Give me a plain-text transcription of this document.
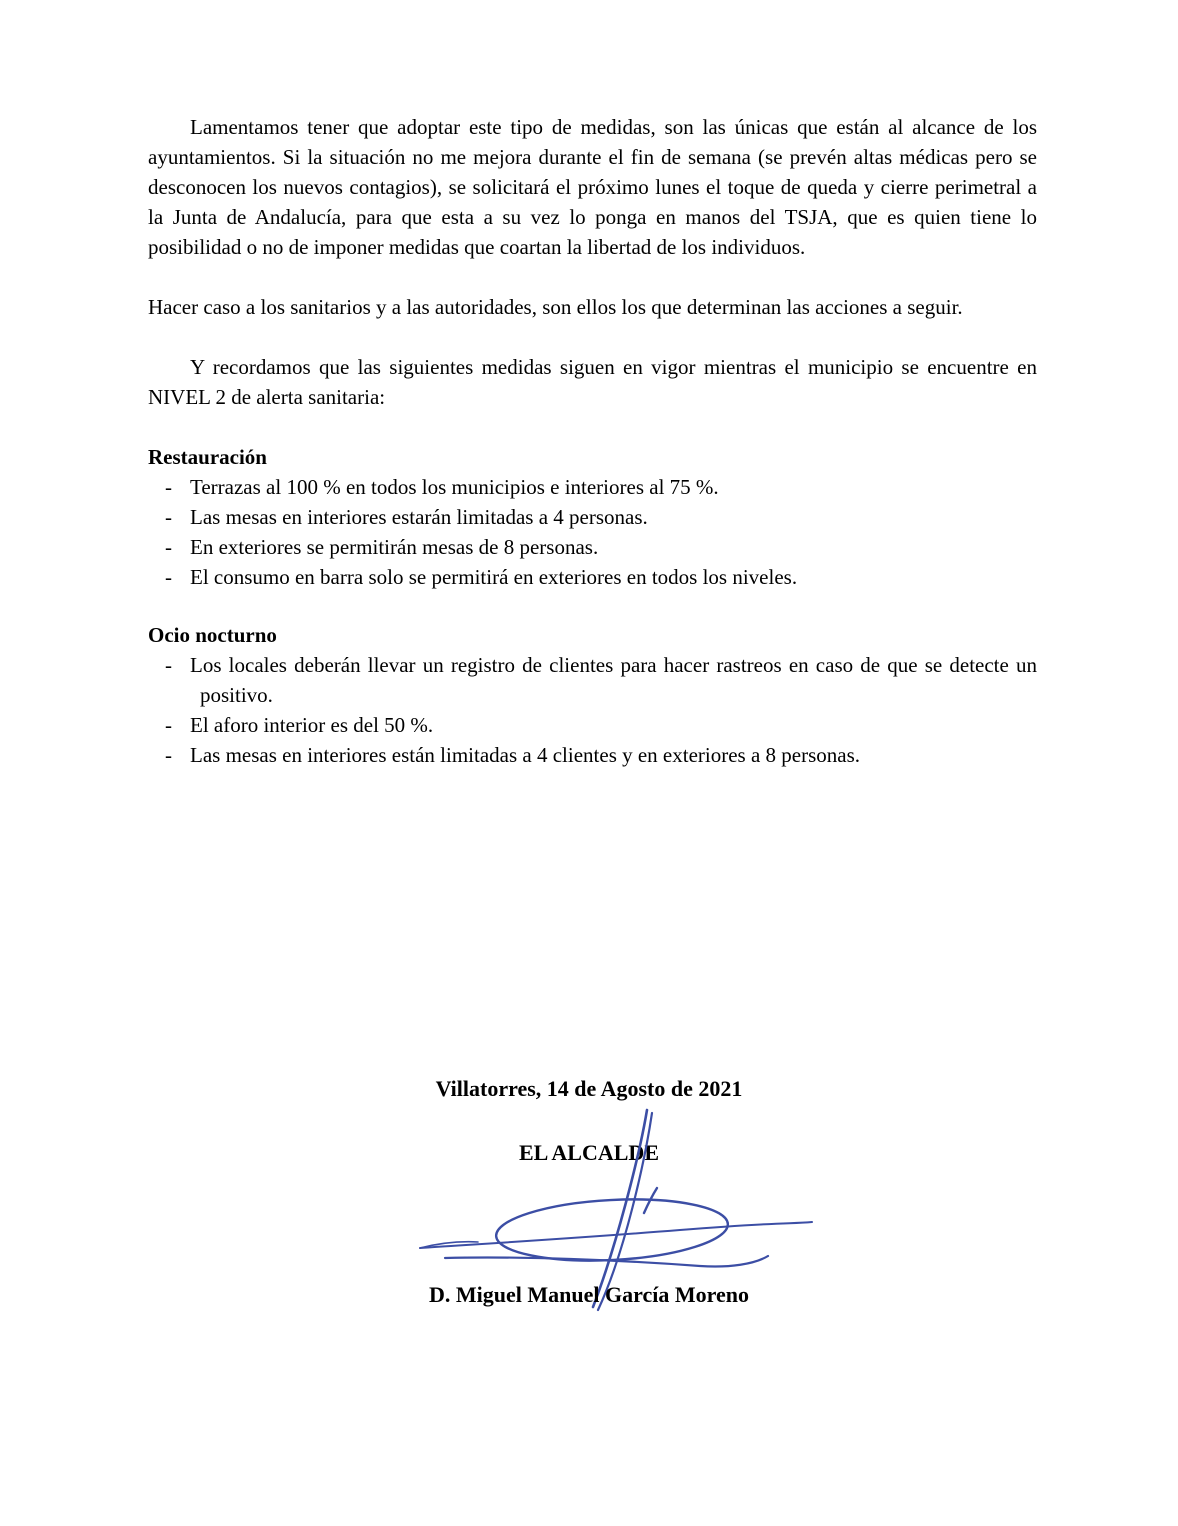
Lamentamos tener que adoptar este tipo de medidas, son las únicas que están al alcance de los ayuntamientos. Si la situación no me mejora durante el fin de semana (se prevén altas médicas pero se desconocen los nuevos contagios), se solicitará el próximo lunes el toque de queda y cierre perimetral a la Junta de Andalucía, para que esta a su vez lo ponga en manos del TSJA, que es quien tiene lo posibilidad o no de imponer medidas que coartan la libertad de los individuos.

Hacer caso a los sanitarios y a las autoridades, son ellos los que determinan las acciones a seguir.

Y recordamos que las siguientes medidas siguen en vigor mientras el municipio se encuentre en NIVEL 2 de alerta sanitaria:

Restauración
- Terrazas al 100 % en todos los municipios e interiores al 75 %.
- Las mesas en interiores estarán limitadas a 4 personas.
- En exteriores se permitirán mesas de 8 personas.
- El consumo en barra solo se permitirá en exteriores en todos los niveles.
Ocio nocturno
- Los locales deberán llevar un registro de clientes para hacer rastreos en caso de que se detecte un positivo.
- El aforo interior es del 50 %.
- Las mesas en interiores están limitadas a 4 clientes y en exteriores a 8 personas.

Villatorres, 14 de Agosto de 2021

EL ALCALDE

D. Miguel Manuel García Moreno
